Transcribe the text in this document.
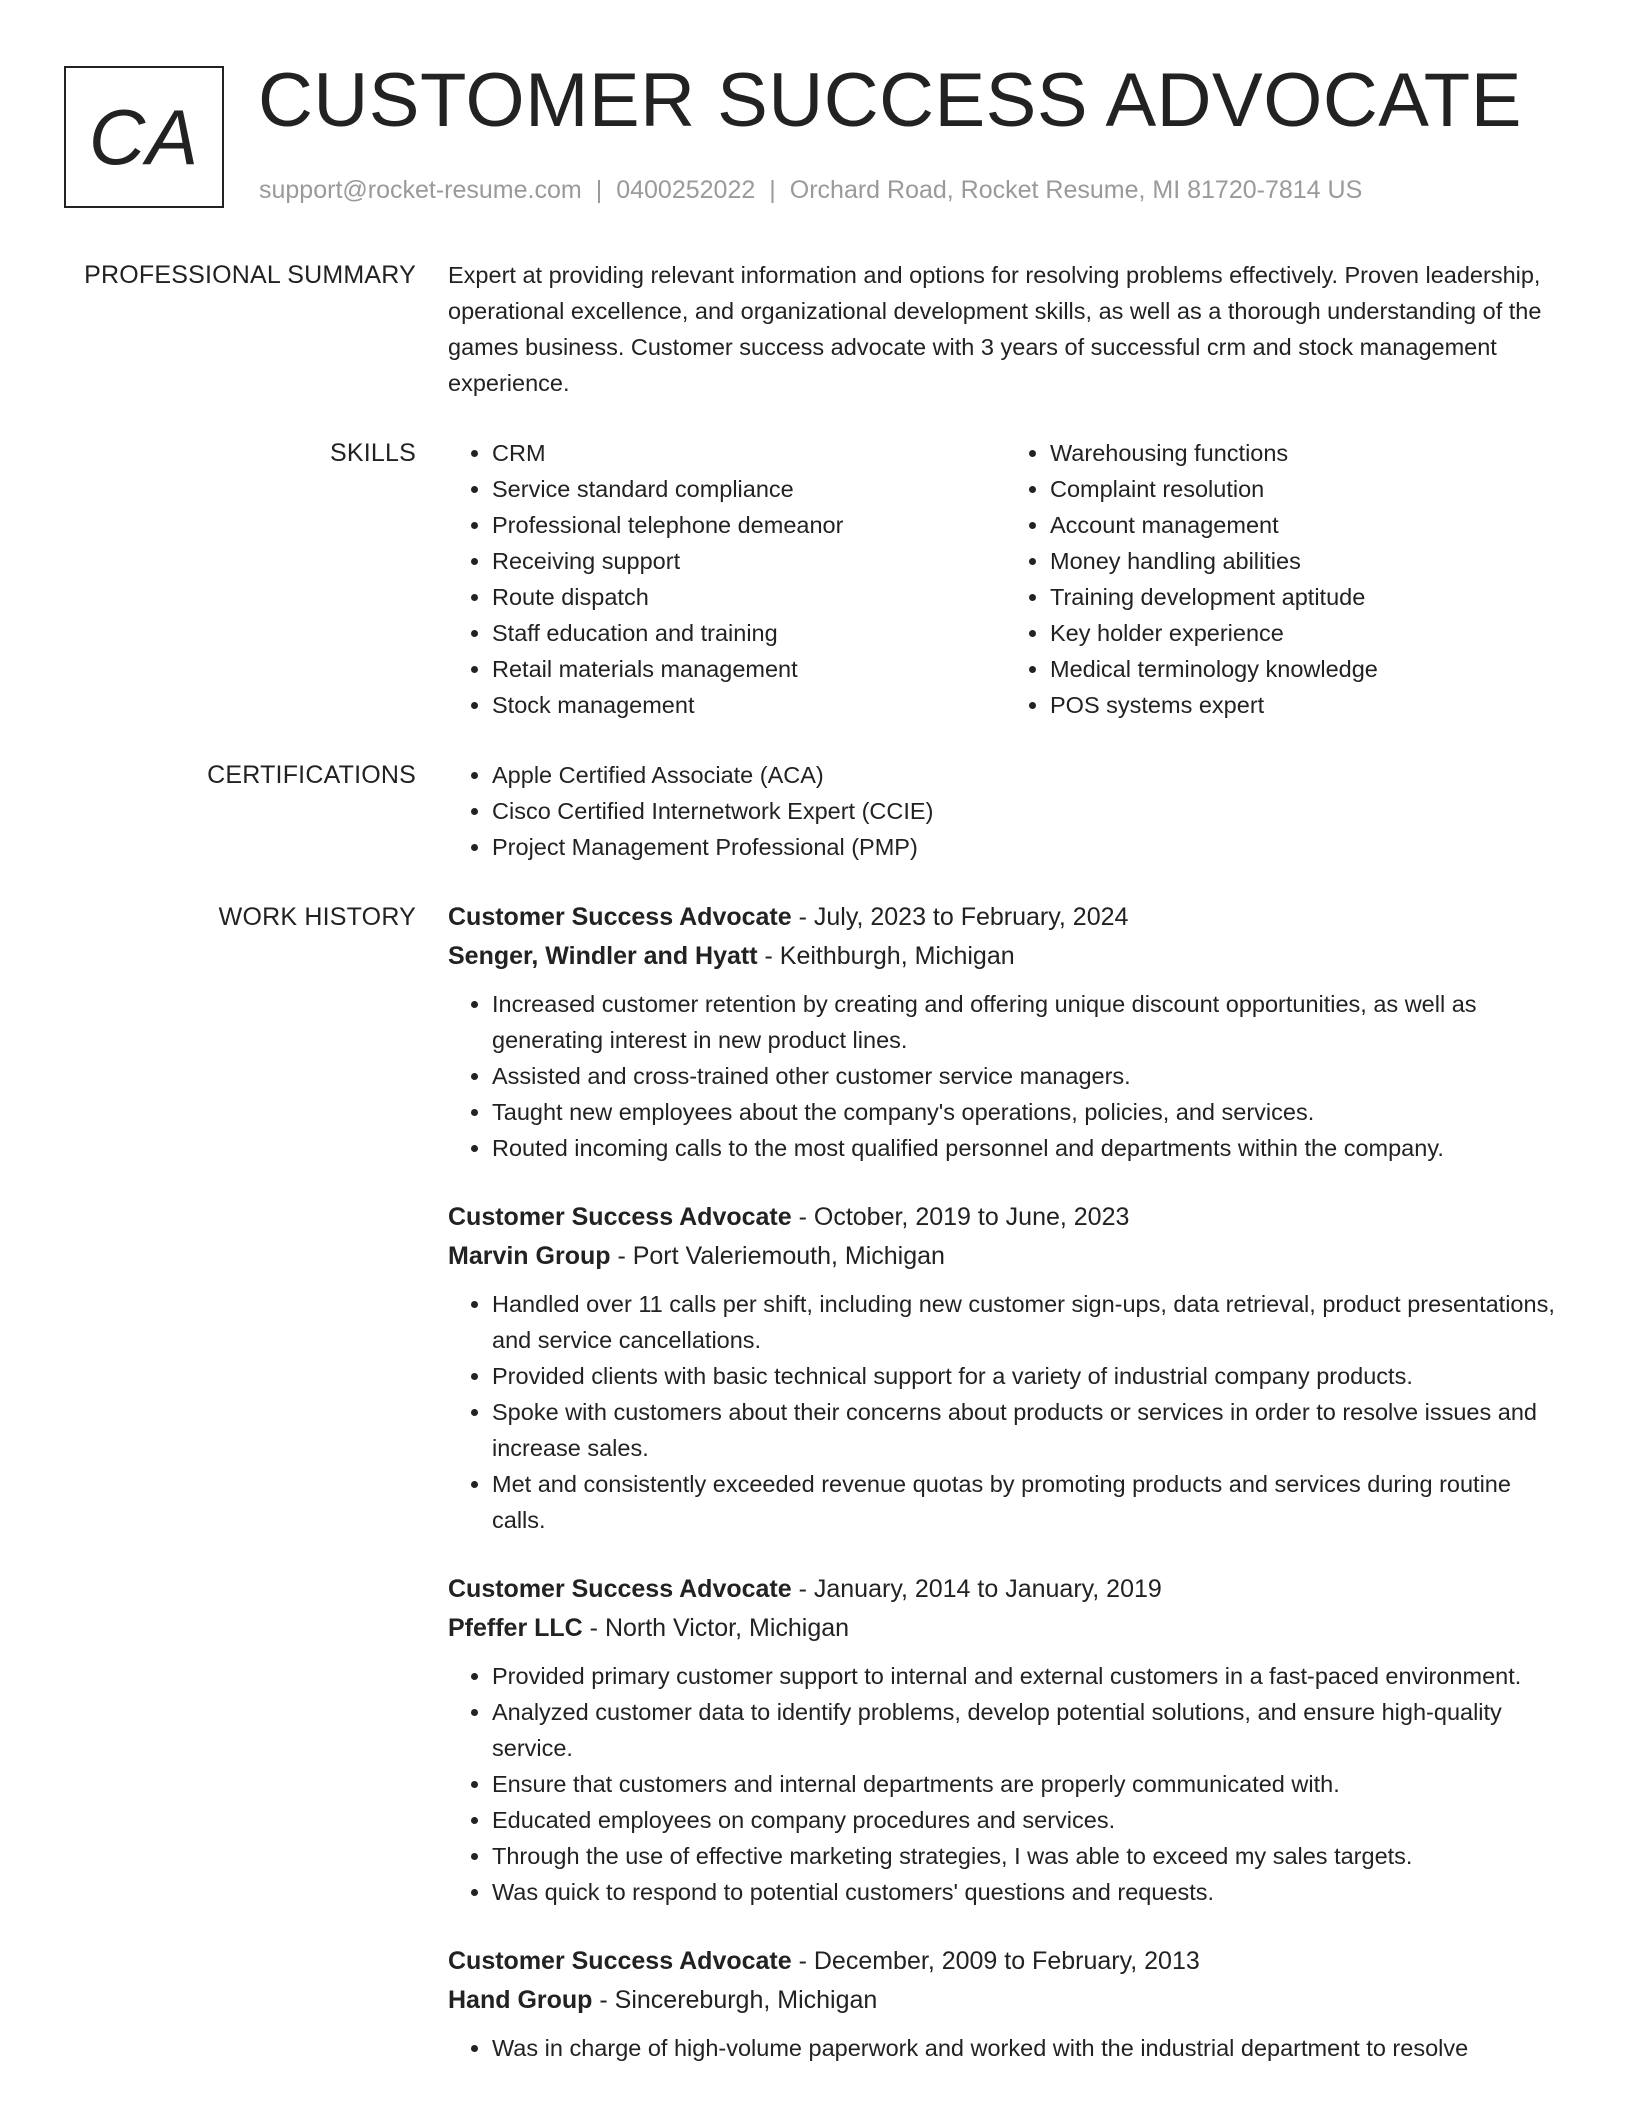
CA CUSTOMER SUCCESS ADVOCATE
support@rocket-resume.com | 0400252022 | Orchard Road, Rocket Resume, MI 81720-7814 US
PROFESSIONAL SUMMARY Expert at providing relevant information and options for resolving problems effectively. Proven leadership, operational excellence, and organizational development skills, as well as a thorough understanding of the games business. Customer success advocate with 3 years of successful crm and stock management experience.

SKILLS	• CRM
• Service standard compliance
• Professional telephone demeanor
• Receiving support
• Route dispatch
• Staff education and training
• Retail materials management
• Stock management
• Warehousing functions
• Complaint resolution
• Account management
• Money handling abilities
• Training development aptitude
• Key holder experience
• Medical terminology knowledge
• POS systems expert
CERTIFICATIONS	• Apple Certified Associate (ACA)
• Cisco Certified Internetwork Expert (CCIE)
• Project Management Professional (PMP)
WORK HISTORY Customer Success Advocate - July, 2023 to February, 2024
Senger, Windler and Hyatt - Keithburgh, Michigan
• Increased customer retention by creating and offering unique discount opportunities, as well as generating interest in new product lines.
• Assisted and cross-trained other customer service managers.
• Taught new employees about the company's operations, policies, and services.
• Routed incoming calls to the most qualified personnel and departments within the company.
Customer Success Advocate - October, 2019 to June, 2023
Marvin Group - Port Valeriemouth, Michigan
• Handled over 11 calls per shift, including new customer sign-ups, data retrieval, product presentations, and service cancellations.
• Provided clients with basic technical support for a variety of industrial company products.
• Spoke with customers about their concerns about products or services in order to resolve issues and increase sales.
• Met and consistently exceeded revenue quotas by promoting products and services during routine calls.
Customer Success Advocate - January, 2014 to January, 2019
Pfeffer LLC - North Victor, Michigan
• Provided primary customer support to internal and external customers in a fast-paced environment.
• Analyzed customer data to identify problems, develop potential solutions, and ensure high-quality service.
• Ensure that customers and internal departments are properly communicated with.
• Educated employees on company procedures and services.
• Through the use of effective marketing strategies, I was able to exceed my sales targets.
• Was quick to respond to potential customers' questions and requests.
Customer Success Advocate - December, 2009 to February, 2013
Hand Group - Sincereburgh, Michigan
• Was in charge of high-volume paperwork and worked with the industrial department to resolve
